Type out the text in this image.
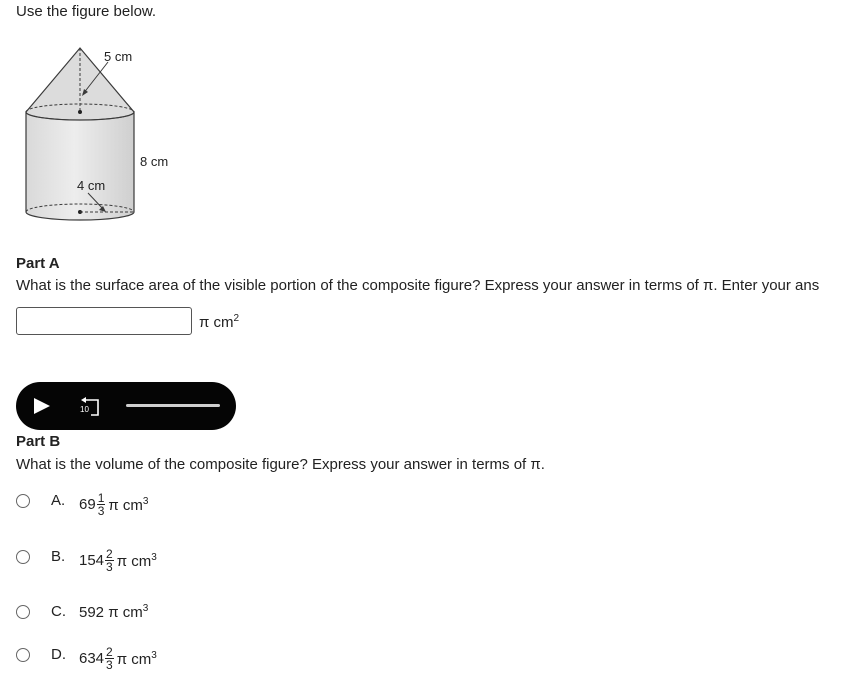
Use the figure below.
5 cm
8 cm
4 cm
Part A
What is the surface area of the visible portion of the composite figure? Express your answer in terms of π. Enter your ans
π $cm^2$
10
Part B
What is the volume of the composite figure? Express your answer in terms of π.
A. $69 \frac{1}{3}$ π $cm^3$
B. $154 \frac{2}{3}$ π $cm^3$
C. 592 π $cm^3$
D. $634 \frac{2}{3}$ π $cm^3$
